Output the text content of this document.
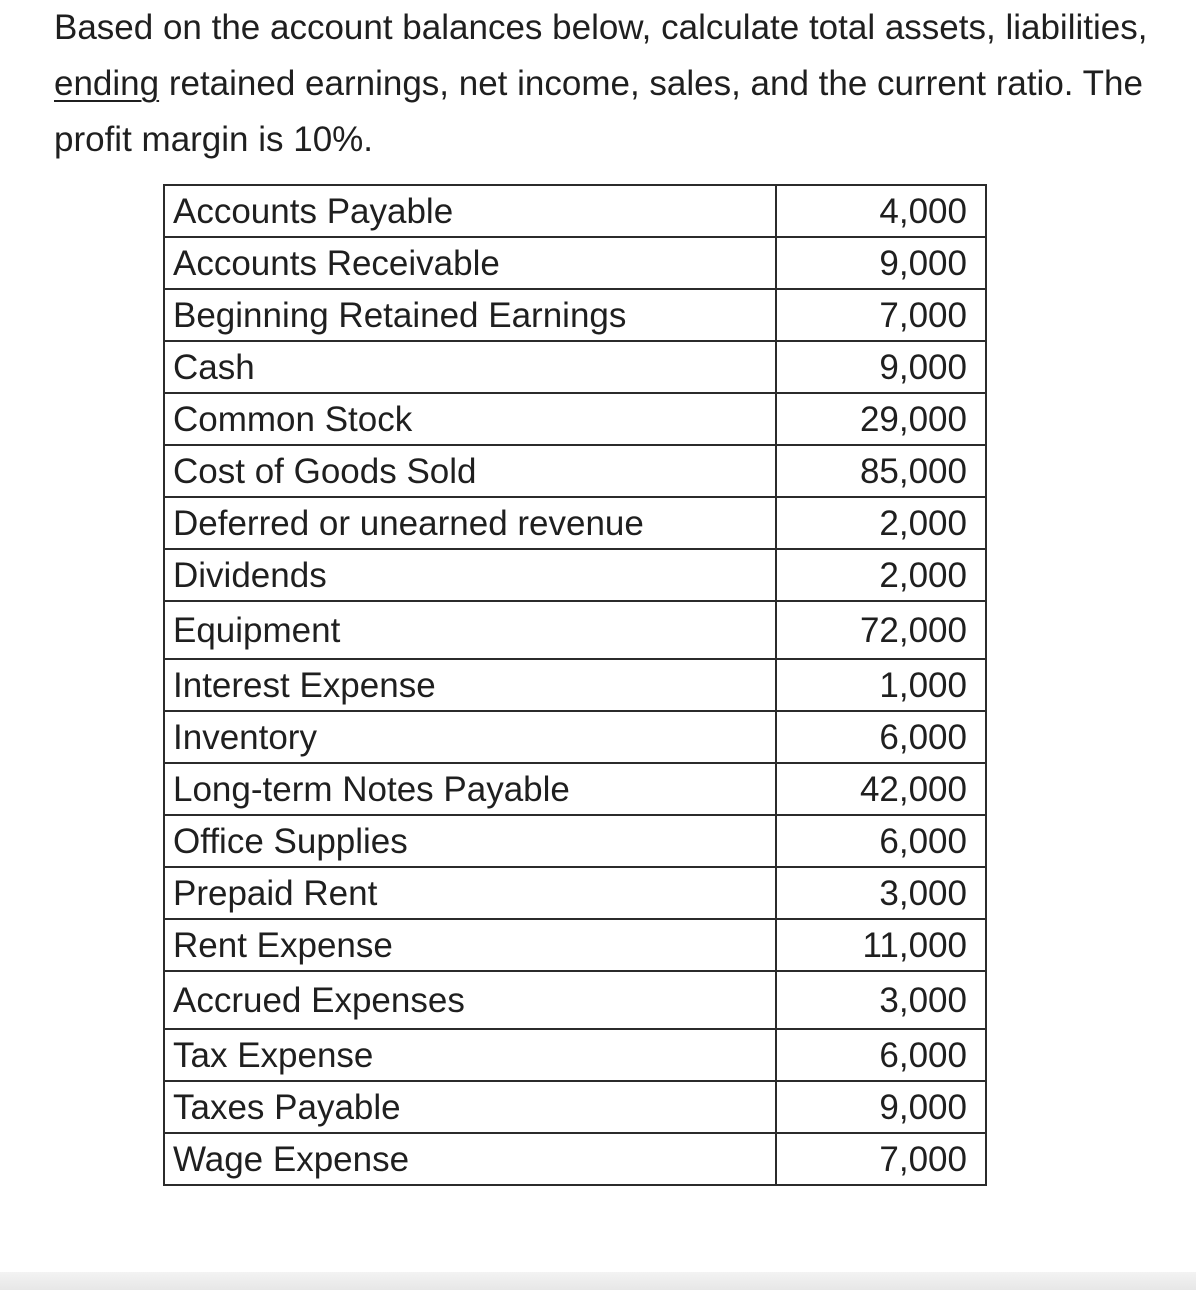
Based on the account balances below, calculate total assets, liabilities, ending retained earnings, net income, sales, and the current ratio. The profit margin is 10%.

Accounts Payable	4,000
Accounts Receivable	9,000
Beginning Retained Earnings	7,000
Cash	9,000
Common Stock	29,000
Cost of Goods Sold	85,000
Deferred or unearned revenue	2,000
Dividends	2,000
Equipment	72,000
Interest Expense	1,000
Inventory	6,000
Long-term Notes Payable	42,000
Office Supplies	6,000
Prepaid Rent	3,000
Rent Expense	11,000
Accrued Expenses	3,000
Tax Expense	6,000
Taxes Payable	9,000
Wage Expense	7,000
